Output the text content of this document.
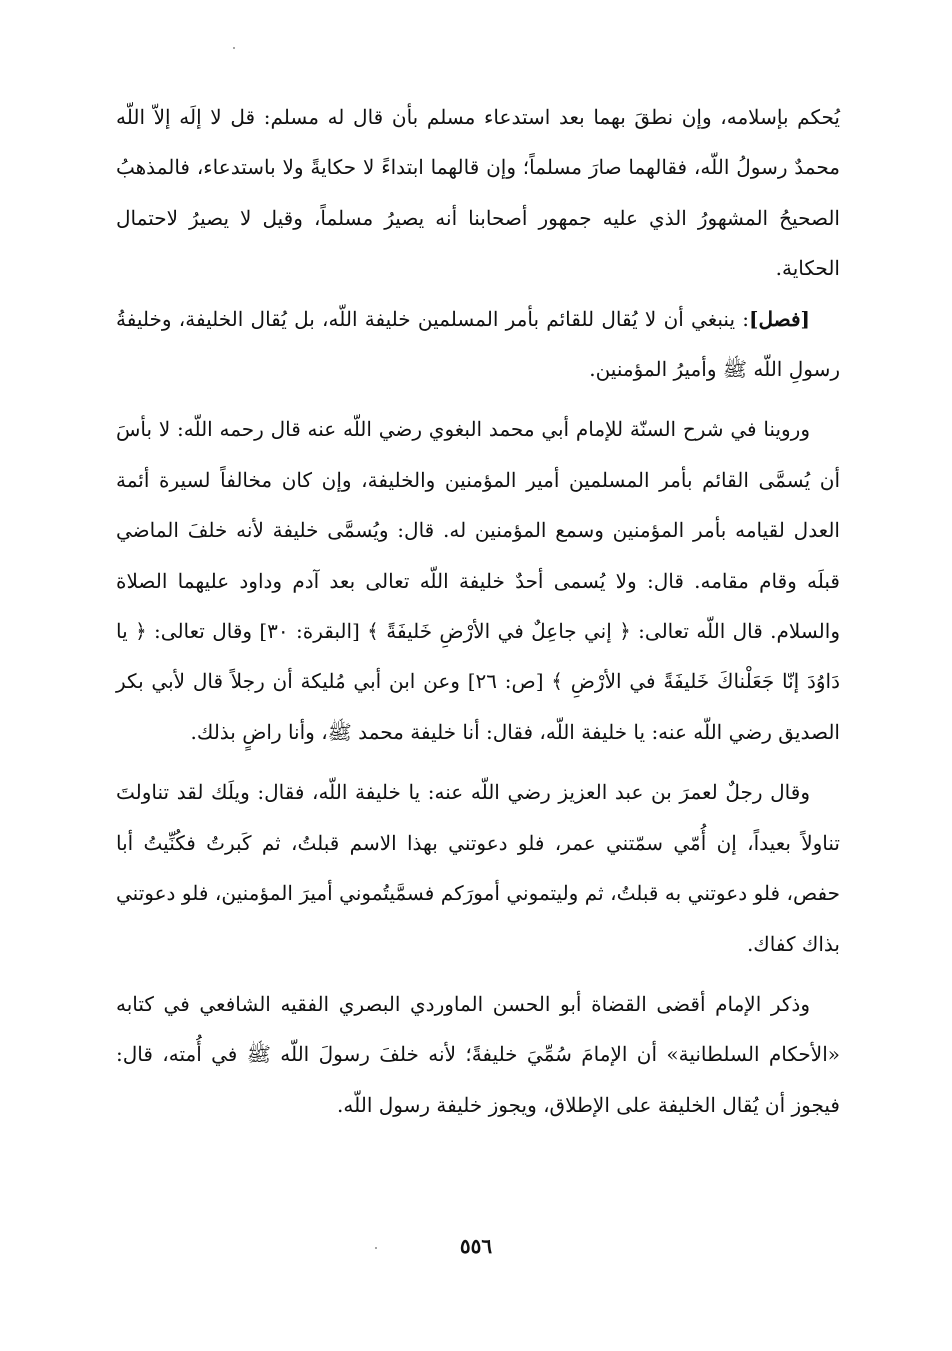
يُحكم بإسلامه، وإن نطقَ بهما بعد استدعاء مسلم بأن قال له مسلم: قل لا إلَه إلاّ اللّه محمدٌ رسولُ اللّه، فقالهما صارَ مسلماً؛ وإن قالهما ابتداءً لا حكايةً ولا باستدعاء، فالمذهبُ الصحيحُ المشهورُ الذي عليه جمهور أصحابنا أنه يصيرُ مسلماً، وقيل لا يصيرُ لاحتمال الحكاية.

[فصل]: ينبغي أن لا يُقال للقائم بأمر المسلمين خليفة اللّه، بل يُقال الخليفة، وخليفةُ رسولِ اللّه ﷺ وأميرُ المؤمنين.

وروينا في شرح السنّة للإمام أبي محمد البغوي رضي اللّه عنه قال رحمه اللّه: لا بأسَ أن يُسمَّى القائم بأمر المسلمين أمير المؤمنين والخليفة، وإن كان مخالفاً لسيرة أئمة العدل لقيامه بأمر المؤمنين وسمع المؤمنين له. قال: ويُسمَّى خليفة لأنه خلفَ الماضي قبلَه وقام مقامه. قال: ولا يُسمى أحدٌ خليفة اللّه تعالى بعد آدم وداود عليهما الصلاة والسلام. قال اللّه تعالى: ﴿ إني جاعِلٌ في الأرْضِ خَليفَةً ﴾ [البقرة: ٣٠] وقال تعالى: ﴿ يا دَاوُدَ إنّا جَعَلْناكَ خَليفَةً في الأرْضِ ﴾ [ص: ٢٦] وعن ابن أبي مُليكة أن رجلاً قال لأبي بكر الصديق رضي اللّه عنه: يا خليفة اللّه، فقال: أنا خليفة محمد ﷺ، وأنا راضٍ بذلك.

وقال رجلٌ لعمرَ بن عبد العزيز رضي اللّه عنه: يا خليفة اللّه، فقال: ويلَك لقد تناولتَ تناولاً بعيداً، إن أُمّي سمّتني عمر، فلو دعوتني بهذا الاسم قبلتُ، ثم كَبرتُ فكُنِّيتُ أبا حفص، فلو دعوتني به قبلتُ، ثم وليتموني أمورَكم فسمَّيتُموني أميرَ المؤمنين، فلو دعوتني بذاك كفاك.

وذكر الإمام أقضى القضاة أبو الحسن الماوردي البصري الفقيه الشافعي في كتابه «الأحكام السلطانية» أن الإمامَ سُمِّيَ خليفةً؛ لأنه خلفَ رسولَ اللّه ﷺ في أُمته، قال: فيجوز أن يُقال الخليفة على الإطلاق، ويجوز خليفة رسول اللّه.

٥٥٦
